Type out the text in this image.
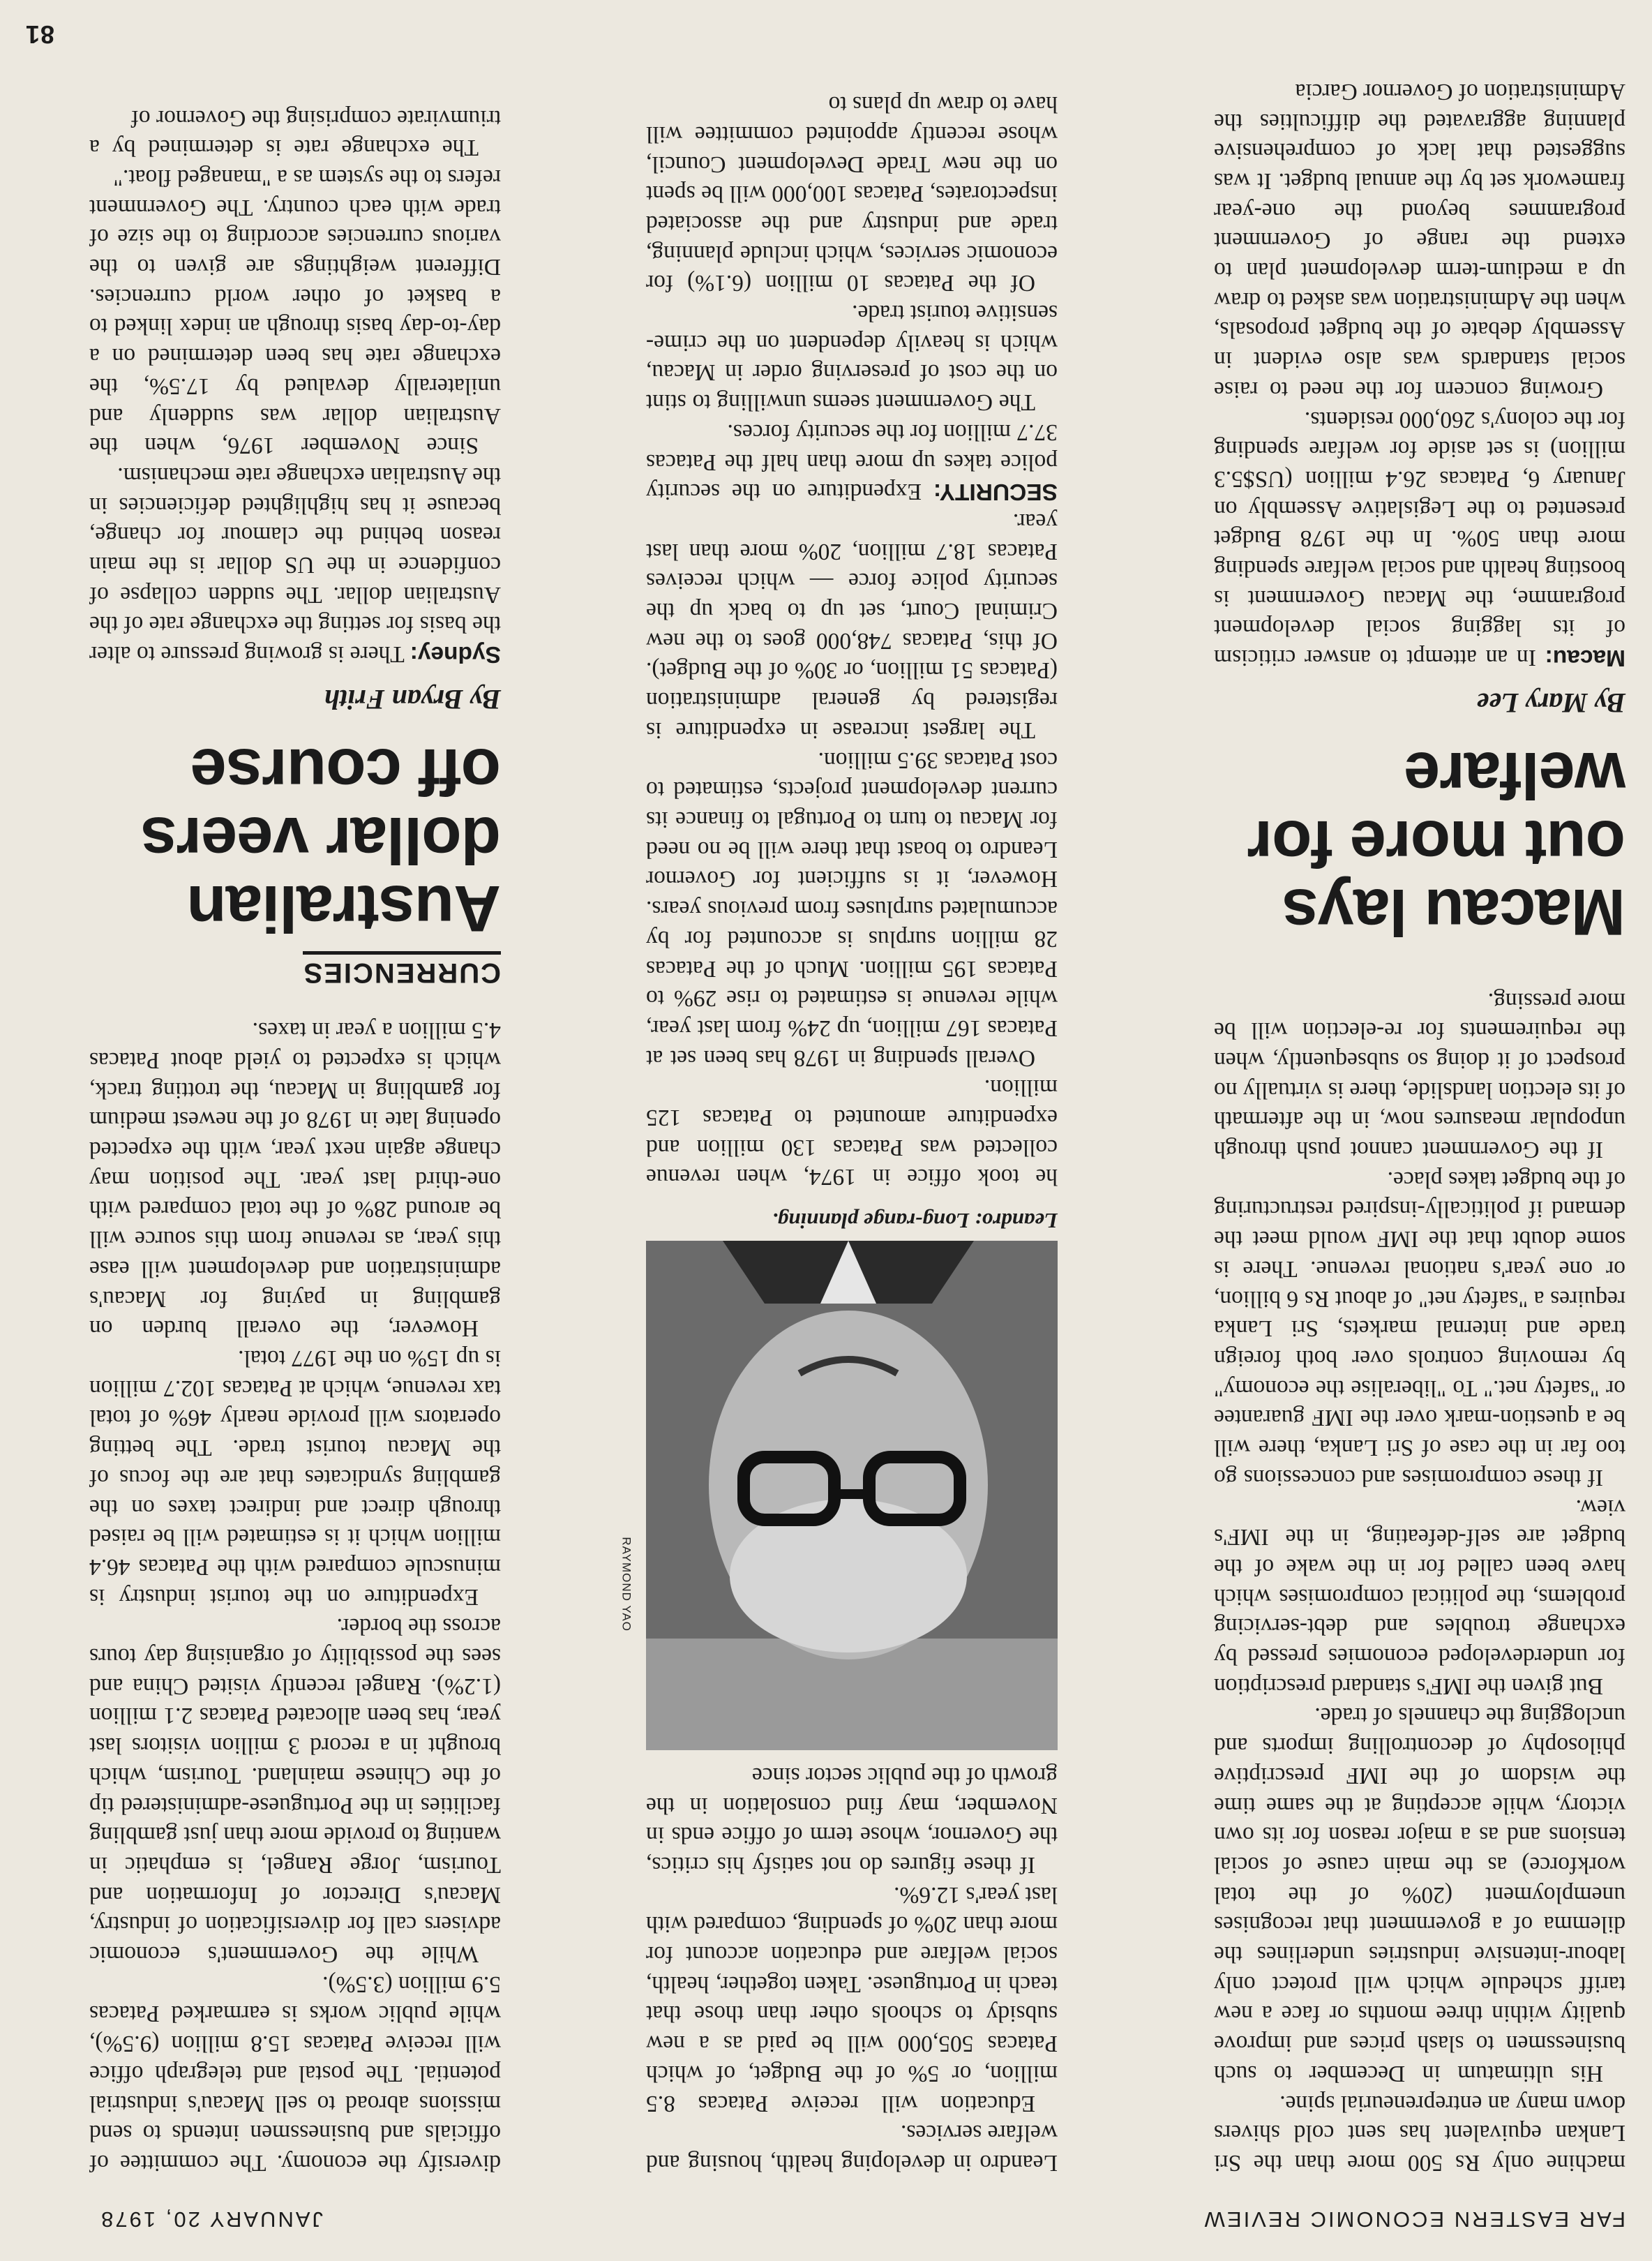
FAR EASTERN ECONOMIC REVIEW
JANUARY 20, 1978

machine only Rs 500 more than the Sri Lankan equivalent has sent cold shivers down many an entrepreneurial spine.

His ultimatum in December to such businessmen to slash prices and improve quality within three months or face a new tariff schedule which will protect only labour-intensive industries underlines the dilemma of a government that recognises unemployment (20% of the total workforce) as the main cause of social tensions and as a major reason for its own victory, while accepting at the same time the wisdom of the IMF prescriptive philosophy of decontrolling imports and unclogging the channels of trade.

But given the IMF's standard prescription for underdeveloped economies pressed by exchange troubles and debt-servicing problems, the political compromises which have been called for in the wake of the budget are self-defeating, in the IMF's view.

If these compromises and concessions go too far in the case of Sri Lanka, there will be a question-mark over the IMF guarantee or "safety net." To "liberalise the economy" by removing controls over both foreign trade and internal markets, Sri Lanka requires a "safety net" of about Rs 6 billion, or one year's national revenue. There is some doubt that the IMF would meet the demand if politically-inspired restructuring of the budget takes place.

If the Government cannot push through unpopular measures now, in the aftermath of its election landslide, there is virtually no prospect of it doing so subsequently, when the requirements for re-election will be more pressing.

Macau lays out more for welfare
By Mary Lee

Macau: In an attempt to answer criticism of its lagging social development programme, the Macau Government is boosting health and social welfare spending more than 50%. In the 1978 Budget presented to the Legislative Assembly on January 6, Patacas 26.4 million (US$5.3 million) is set aside for welfare spending for the colony's 260,000 residents.

Growing concern for the need to raise social standards was also evident in Assembly debate of the budget proposals, when the Administration was asked to draw up a medium-term development plan to extend the range of Government programmes beyond the one-year framework set by the annual budget. It was suggested that lack of comprehensive planning aggravated the difficulties the Administration of Governor Garcia

Leandro in developing health, housing and welfare services.

Education will receive Patacas 8.5 million, or 5% of the Budget, of which Patacas 505,000 will be paid as a new subsidy to schools other than those that teach in Portuguese. Taken together, health, social welfare and education account for more than 20% of spending, compared with last year's 12.6%.

If these figures do not satisfy his critics, the Governor, whose term of office ends in November, may find consolation in the growth of the public sector since

RAYMOND YAO
Leandro: Long-range planning.

he took office in 1974, when revenue collected was Patacas 130 million and expenditure amounted to Patacas 125 million.

Overall spending in 1978 has been set at Patacas 167 million, up 24% from last year, while revenue is estimated to rise 29% to Patacas 195 million. Much of the Patacas 28 million surplus is accounted for by accumulated surpluses from previous years. However, it is sufficient for Governor Leandro to boast that there will be no need for Macau to turn to Portugal to finance its current development projects, estimated to cost Patacas 39.5 million.

The largest increase in expenditure is registered by general administration (Patacas 51 million, or 30% of the Budget). Of this, Patacas 748,000 goes to the new Criminal Court, set up to back up the security police force — which receives Patacas 18.7 million, 20% more than last year.

SECURITY: Expenditure on the security police takes up more than half the Patacas 37.7 million for the security forces.

The Government seems unwilling to stint on the cost of preserving order in Macau, which is heavily dependent on the crime-sensitive tourist trade.

Of the Patacas 10 million (6.1%) for economic services, which include planning, trade and industry and the associated inspectorates, Patacas 100,000 will be spent on the new Trade Development Council, whose recently appointed committee will have to draw up plans to

diversify the economy. The committee of officials and businessmen intends to send missions abroad to sell Macau's industrial potential. The postal and telegraph office will receive Patacas 15.8 million (9.5%), while public works is earmarked Patacas 5.9 million (3.5%).

While the Government's economic advisers call for diversification of industry, Macau's Director of Information and Tourism, Jorge Rangel, is emphatic in wanting to provide more than just gambling facilities in the Portuguese-administered tip of the Chinese mainland. Tourism, which brought in a record 3 million visitors last year, has been allocated Patacas 2.1 million (1.2%). Rangel recently visited China and sees the possibility of organising day tours across the border.

Expenditure on the tourist industry is minuscule compared with the Patacas 46.4 million which it is estimated will be raised through direct and indirect taxes on the gambling syndicates that are the focus of the Macau tourist trade. The betting operators will provide nearly 46% of total tax revenue, which at Patacas 102.7 million is up 15% on the 1977 total.

However, the overall burden on gambling in paying for Macau's administration and development will ease this year, as revenue from this source will be around 28% of the total compared with one-third last year. The position may change again next year, with the expected opening late in 1978 of the newest medium for gambling in Macau, the trotting track, which is expected to yield about Patacas 4.5 million a year in taxes.

CURRENCIES
Australian dollar veers off course
By Bryan Frith

Sydney: There is growing pressure to alter the basis for setting the exchange rate of the Australian dollar. The sudden collapse of confidence in the US dollar is the main reason behind the clamour for change, because it has highlighted deficiencies in the Australian exchange rate mechanism.

Since November 1976, when the Australian dollar was suddenly and unilaterally devalued by 17.5%, the exchange rate has been determined on a day-to-day basis through an index linked to a basket of other world currencies. Different weightings are given to the various currencies according to the size of trade with each country. The Government refers to the system as a "managed float."

The exchange rate is determined by a triumvirate comprising the Governor of

81
